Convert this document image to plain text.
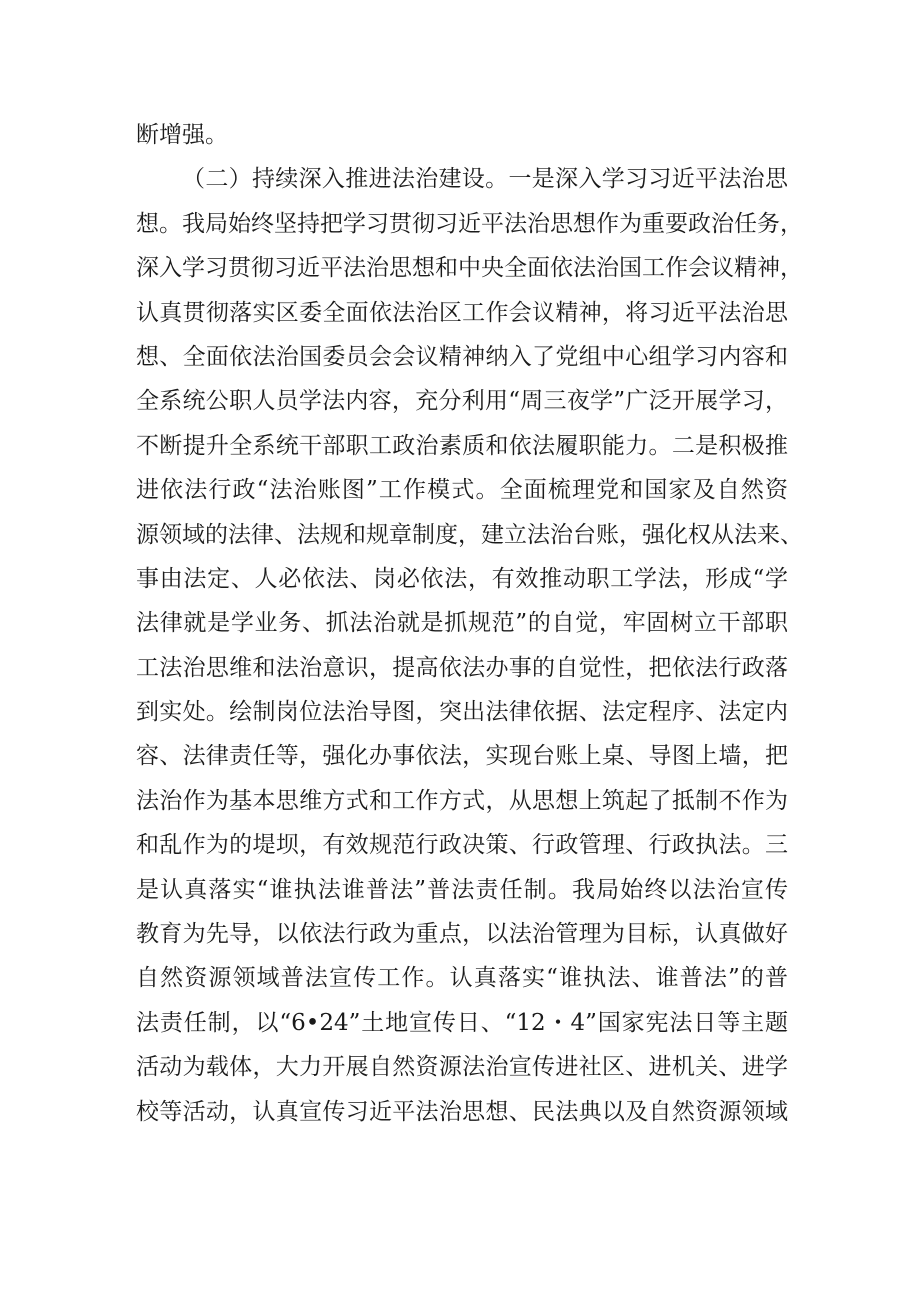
断增强。
（二）持续深入推进法治建设。一是深入学习习近平法治思
想。我局始终坚持把学习贯彻习近平法治思想作为重要政治任务，
深入学习贯彻习近平法治思想和中央全面依法治国工作会议精神，
认真贯彻落实区委全面依法治区工作会议精神，将习近平法治思
想、全面依法治国委员会会议精神纳入了党组中心组学习内容和
全系统公职人员学法内容，充分利用“周三夜学”广泛开展学习，
不断提升全系统干部职工政治素质和依法履职能力。二是积极推
进依法行政“法治账图”工作模式。全面梳理党和国家及自然资
源领域的法律、法规和规章制度，建立法治台账，强化权从法来、
事由法定、人必依法、岗必依法，有效推动职工学法，形成“学
法律就是学业务、抓法治就是抓规范”的自觉，牢固树立干部职
工法治思维和法治意识，提高依法办事的自觉性，把依法行政落
到实处。绘制岗位法治导图，突出法律依据、法定程序、法定内
容、法律责任等，强化办事依法，实现台账上桌、导图上墙，把
法治作为基本思维方式和工作方式，从思想上筑起了抵制不作为
和乱作为的堤坝，有效规范行政决策、行政管理、行政执法。三
是认真落实“谁执法谁普法”普法责任制。我局始终以法治宣传
教育为先导，以依法行政为重点，以法治管理为目标，认真做好
自然资源领域普法宣传工作。认真落实“谁执法、谁普法”的普
法责任制，以“6•24”土地宣传日、“12・4”国家宪法日等主题
活动为载体，大力开展自然资源法治宣传进社区、进机关、进学
校等活动，认真宣传习近平法治思想、民法典以及自然资源领域
